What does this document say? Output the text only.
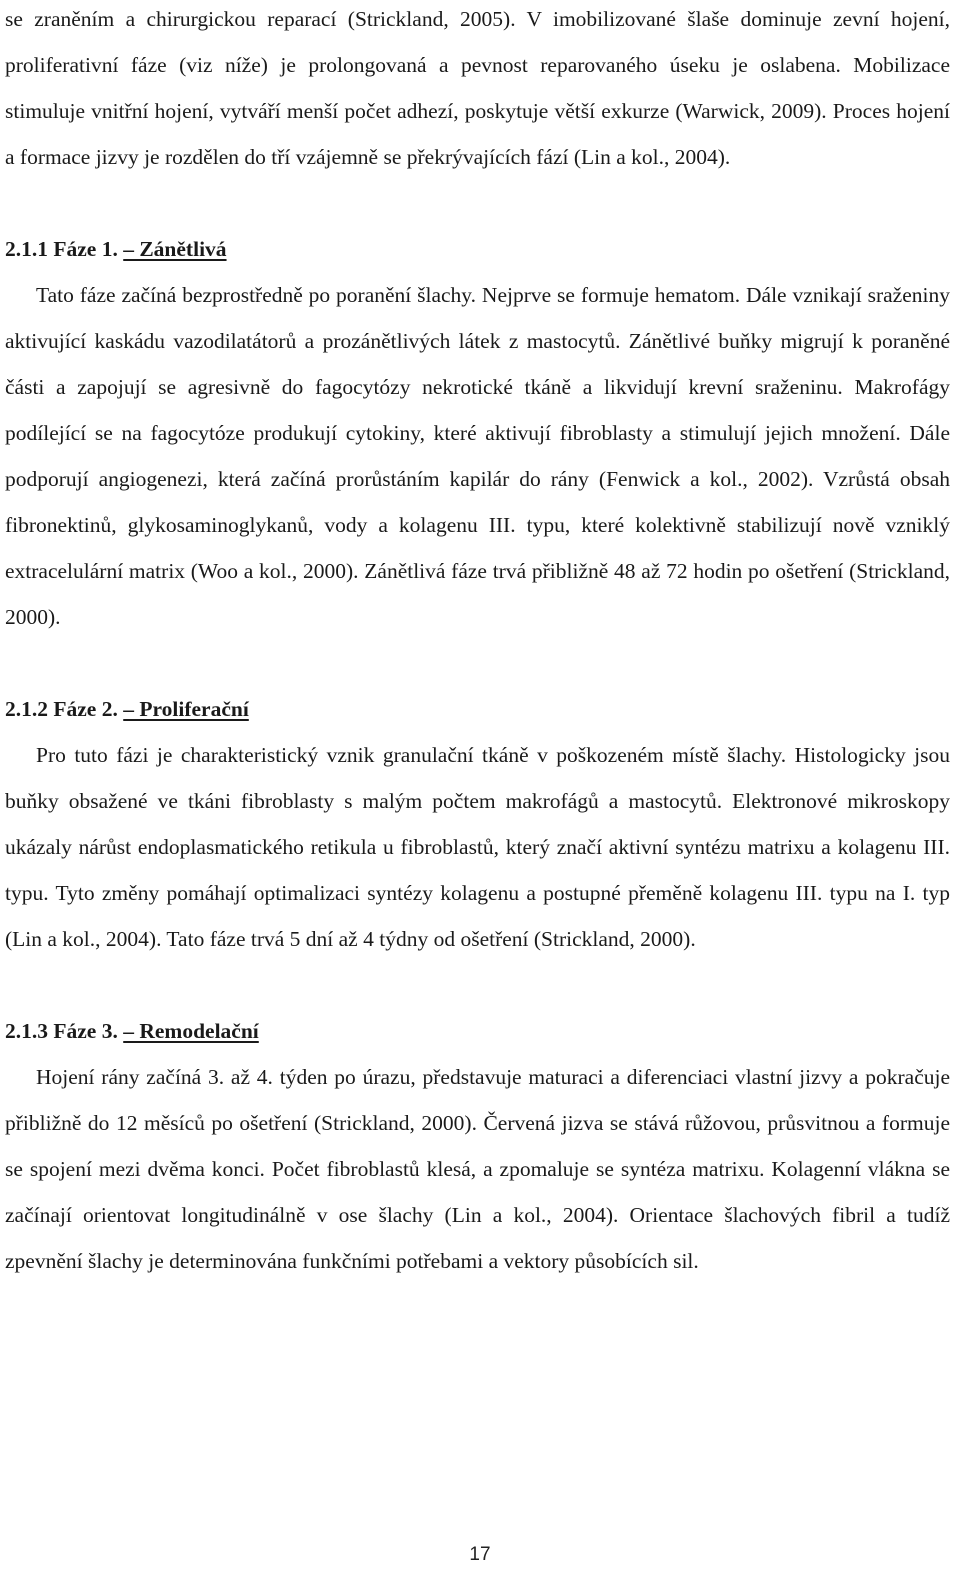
se zraněním a chirurgickou reparací (Strickland, 2005). V imobilizované šlaše dominuje zevní hojení, proliferativní fáze (viz níže) je prolongovaná a pevnost reparovaného úseku je oslabena. Mobilizace stimuluje vnitřní hojení, vytváří menší počet adhezí, poskytuje větší exkurze (Warwick, 2009). Proces hojení a formace jizvy je rozdělen do tří vzájemně se překrývajících fází (Lin a kol., 2004).

2.1.1 Fáze 1. – Zánětlivá

Tato fáze začíná bezprostředně po poranění šlachy. Nejprve se formuje hematom. Dále vznikají sraženiny aktivující kaskádu vazodilatátorů a prozánětlivých látek z mastocytů. Zánětlivé buňky migrují k poraněné části a zapojují se agresivně do fagocytózy nekrotické tkáně a likvidují krevní sraženinu. Makrofágy podílející se na fagocytóze produkují cytokiny, které aktivují fibroblasty a stimulují jejich množení. Dále podporují angiogenezi, která začíná prorůstáním kapilár do rány (Fenwick a kol., 2002). Vzrůstá obsah fibronektinů, glykosaminoglykanů, vody a kolagenu III. typu, které kolektivně stabilizují nově vzniklý extracelulární matrix (Woo a kol., 2000). Zánětlivá fáze trvá přibližně 48 až 72 hodin po ošetření (Strickland, 2000).

2.1.2 Fáze 2. – Proliferační

Pro tuto fázi je charakteristický vznik granulační tkáně v poškozeném místě šlachy. Histologicky jsou buňky obsažené ve tkáni fibroblasty s malým počtem makrofágů a mastocytů. Elektronové mikroskopy ukázaly nárůst endoplasmatického retikula u fibroblastů, který značí aktivní syntézu matrixu a kolagenu III. typu. Tyto změny pomáhají optimalizaci syntézy kolagenu a postupné přeměně kolagenu III. typu na I. typ (Lin a kol., 2004). Tato fáze trvá 5 dní až 4 týdny od ošetření (Strickland, 2000).

2.1.3 Fáze 3. – Remodelační

Hojení rány začíná 3. až 4. týden po úrazu, představuje maturaci a diferenciaci vlastní jizvy a pokračuje přibližně do 12 měsíců po ošetření (Strickland, 2000). Červená jizva se stává růžovou, průsvitnou a formuje se spojení mezi dvěma konci. Počet fibroblastů klesá, a zpomaluje se syntéza matrixu. Kolagenní vlákna se začínají orientovat longitudinálně v ose šlachy (Lin a kol., 2004). Orientace šlachových fibril a tudíž zpevnění šlachy je determinována funkčními potřebami a vektory působících sil.

17
